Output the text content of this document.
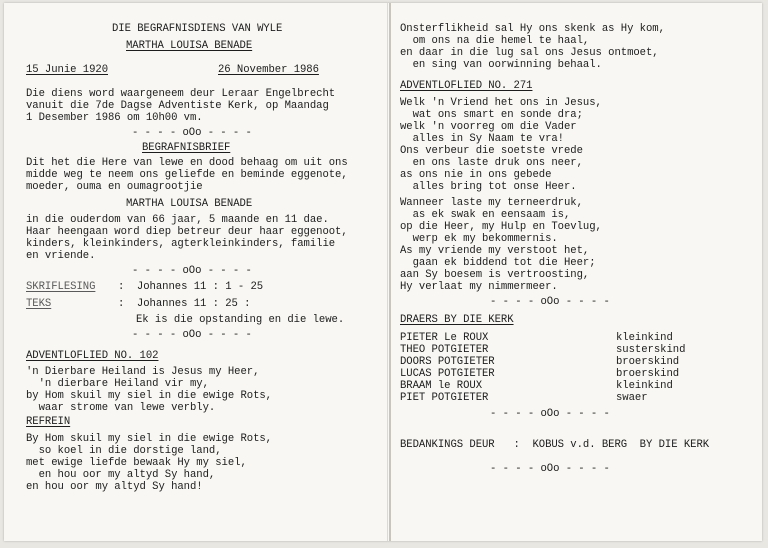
DIE BEGRAFNISDIENS VAN WYLE
MARTHA LOUISA BENADE
15 Junie 1920	26 November 1986
Die diens word waargeneem deur Leraar Engelbrecht
vanuit die 7de Dagse Adventiste Kerk, op Maandag
1 Desember 1986 om 10h00 vm.
- - - - oOo - - - -
BEGRAFNISBRIEF
Dit het die Here van lewe en dood behaag om uit ons
midde weg te neem ons geliefde en beminde eggenote,
moeder, ouma en oumagrootjie
MARTHA LOUISA BENADE
in die ouderdom van 66 jaar, 5 maande en 11 dae.
Haar heengaan word diep betreur deur haar eggenoot,
kinders, kleinkinders, agterkleinkinders, familie
en vriende.
- - - - oOo - - - -
SKRIFLESING :  Johannes 11 : 1 - 25
TEKS	:  Johannes 11 : 25 :
Ek is die opstanding en die lewe.
- - - - oOo - - - -
ADVENTLOFLIED NO. 102
'n Dierbare Heiland is Jesus my Heer,
'n dierbare Heiland vir my,
by Hom skuil my siel in die ewige Rots,
waar strome van lewe verbly.
REFREIN
By Hom skuil my siel in die ewige Rots,
so koel in die dorstige land,
met ewige liefde bewaak Hy my siel,
en hou oor my altyd Sy hand,
en hou oor my altyd Sy hand!
Onsterflikheid sal Hy ons skenk as Hy kom,
om ons na die hemel te haal,
en daar in die lug sal ons Jesus ontmoet,
en sing van oorwinning behaal.
ADVENTLOFLIED NO. 271
Welk 'n Vriend het ons in Jesus,
wat ons smart en sonde dra;
welk 'n voorreg om die Vader
alles in Sy Naam te vra!
Ons verbeur die soetste vrede
en ons laste druk ons neer,
as ons nie in ons gebede
alles bring tot onse Heer.
Wanneer laste my terneerdruk,
as ek swak en eensaam is,
op die Heer, my Hulp en Toevlug,
werp ek my bekommernis.
As my vriende my verstoot het,
gaan ek biddend tot die Heer;
aan Sy boesem is vertroosting,
Hy verlaat my nimmermeer.
- - - - oOo - - - -
DRAERS BY DIE KERK
PIETER Le ROUX	kleinkind
THEO POTGIETER	susterskind
DOORS POTGIETER	broerskind
LUCAS POTGIETER	broerskind
BRAAM le ROUX	kleinkind
PIET POTGIETER	swaer
- - - - oOo - - - -
BEDANKINGS DEUR   :  KOBUS v.d. BERG  BY DIE KERK
- - - - oOo - - - -
